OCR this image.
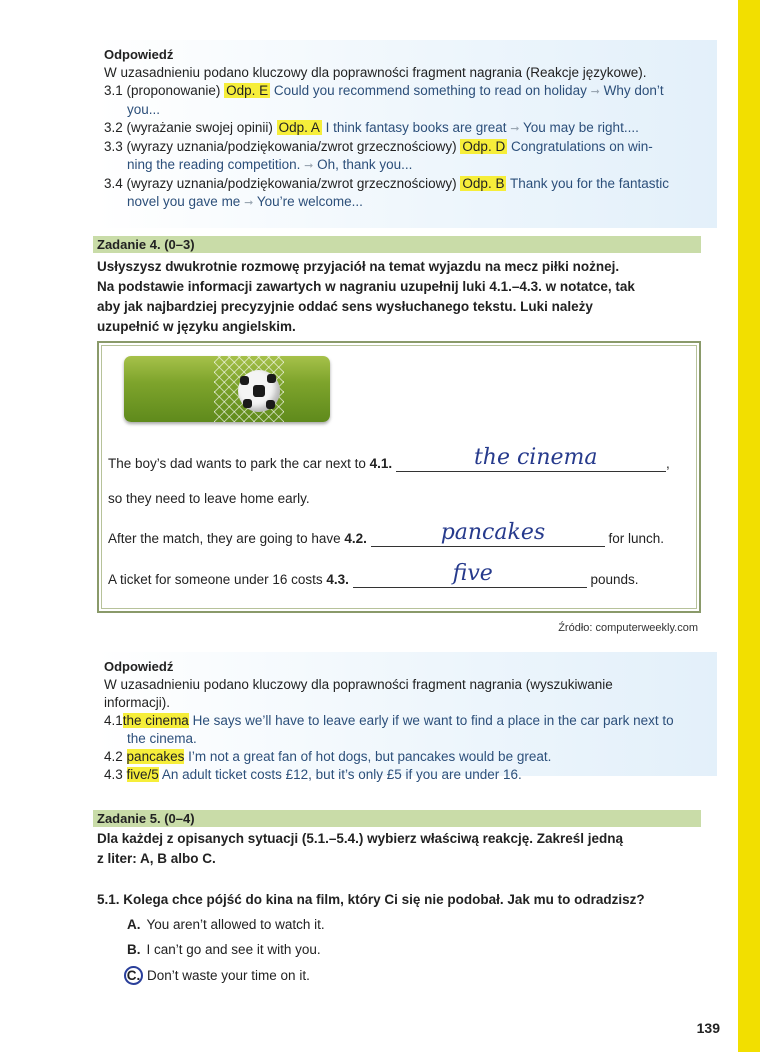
Odpowiedź
W uzasadnieniu podano kluczowy dla poprawności fragment nagrania (Reakcje językowe).
3.1 (proponowanie) Odp. E Could you recommend something to read on holiday ➞ Why don’t
you...
3.2 (wyrażanie swojej opinii) Odp. A I think fantasy books are great ➞ You may be right....
3.3 (wyrazy uznania/podziękowania/zwrot grzecznościowy) Odp. D Congratulations on win-
ning the reading competition. ➞ Oh, thank you...
3.4 (wyrazy uznania/podziękowania/zwrot grzecznościowy) Odp. B Thank you for the fantastic
novel you gave me ➞ You’re welcome...
Zadanie 4. (0–3)
Usłyszysz dwukrotnie rozmowę przyjaciół na temat wyjazdu na mecz piłki nożnej.
Na podstawie informacji zawartych w nagraniu uzupełnij luki 4.1.–4.3. w notatce, tak
aby jak najbardziej precyzyjnie oddać sens wysłuchanego tekstu. Luki należy
uzupełnić w języku angielskim.
The boy’s dad wants to park the car next to 4.1.	the cinema	,
so they need to leave home early.
After the match, they are going to have 4.2.	pancakes	for lunch.
A ticket for someone under 16 costs 4.3.	five	pounds.
Źródło: computerweekly.com
Odpowiedź
W uzasadnieniu podano kluczowy dla poprawności fragment nagrania (wyszukiwanie
informacji).
4.1the cinema He says we’ll have to leave early if we want to find a place in the car park next to
the cinema.
4.2 pancakes I’m not a great fan of hot dogs, but pancakes would be great.
4.3 five/5 An adult ticket costs £12, but it’s only £5 if you are under 16.
Zadanie 5. (0–4)
Dla każdej z opisanych sytuacji (5.1.–5.4.) wybierz właściwą reakcję. Zakreśl jedną
z liter: A, B albo C.
5.1. Kolega chce pójść do kina na film, który Ci się nie podobał. Jak mu to odradzisz?
A. You aren’t allowed to watch it.
B. I can’t go and see it with you.
C. Don’t waste your time on it.
139
